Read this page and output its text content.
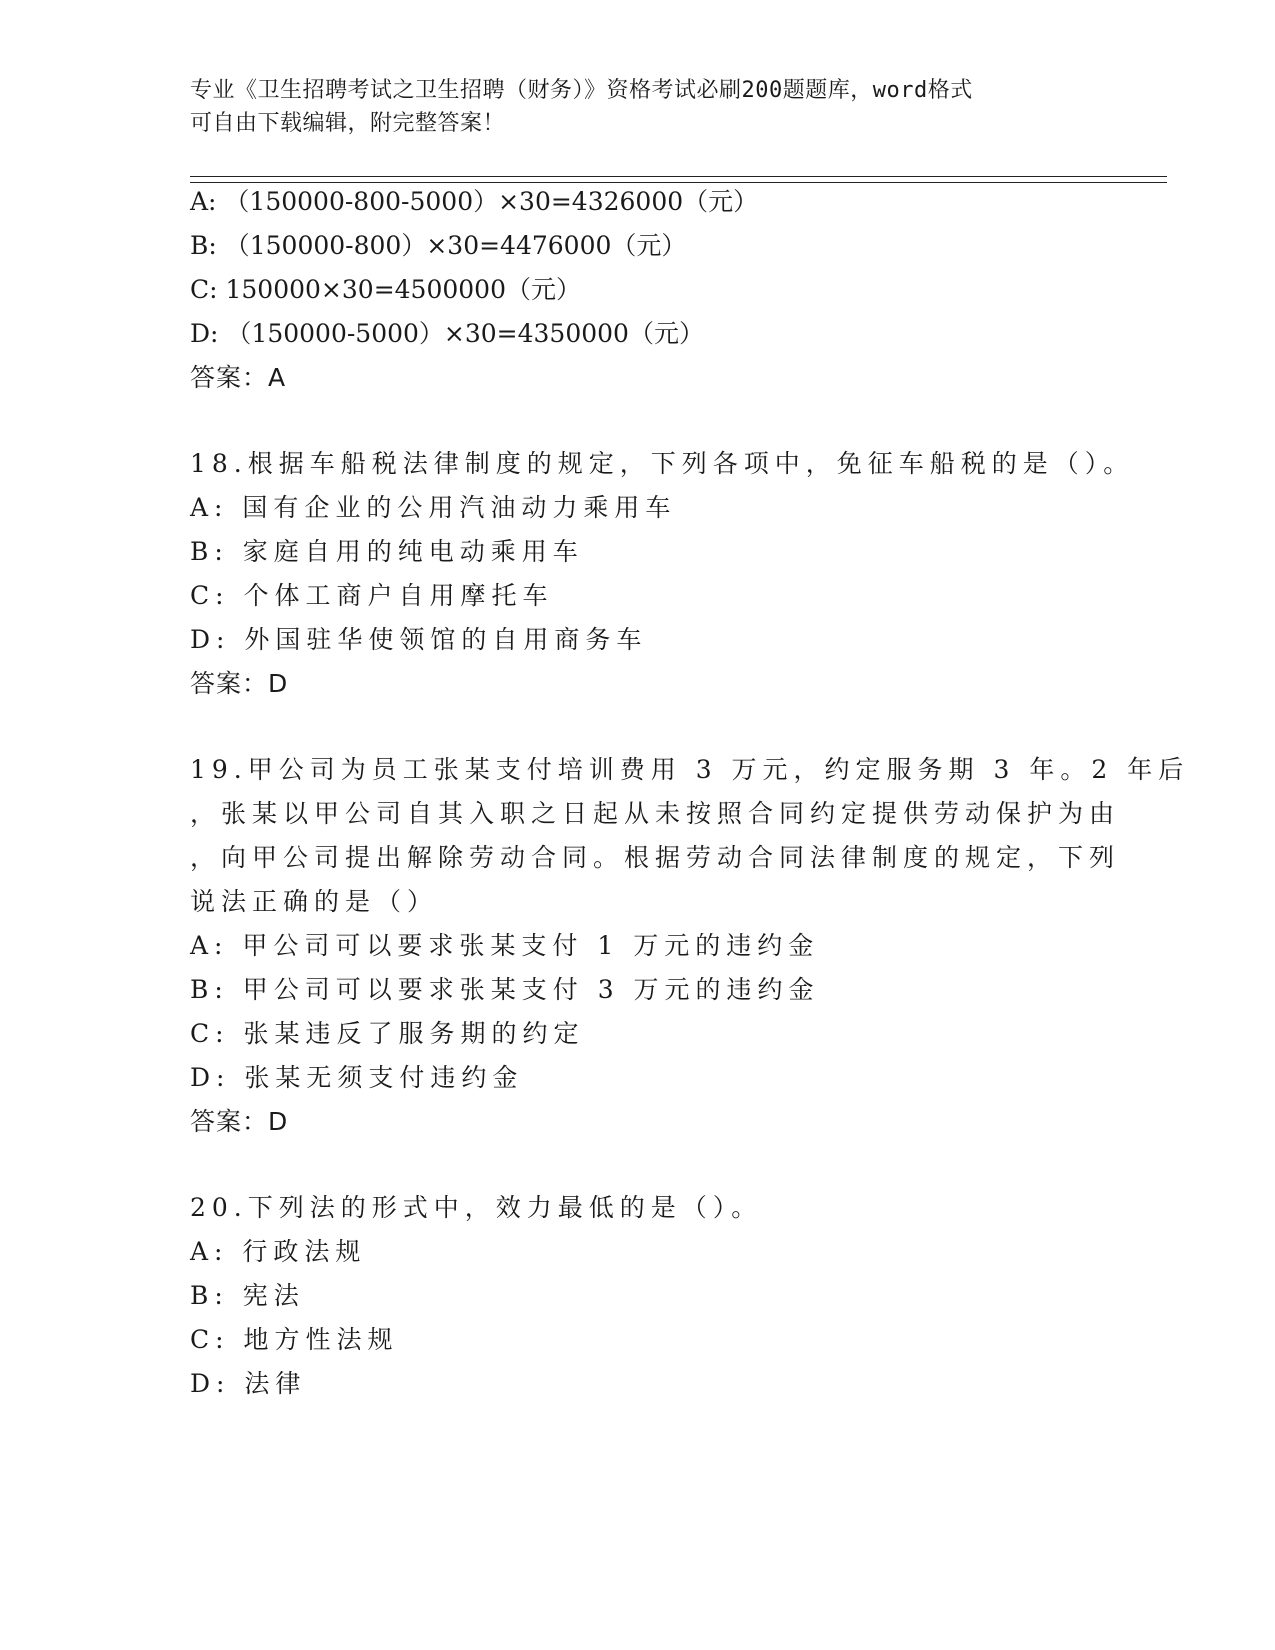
专业《卫生招聘考试之卫生招聘（财务）》资格考试必刷200题题库，word格式
可自由下载编辑，附完整答案！
A: （150000-800-5000）×30=4326000（元）
B: （150000-800）×30=4476000（元）
C: 150000×30=4500000（元）
D: （150000-5000）×30=4350000（元）
答案：A
18.根据车船税法律制度的规定，下列各项中，免征车船税的是（）。
A: 国有企业的公用汽油动力乘用车
B: 家庭自用的纯电动乘用车
C: 个体工商户自用摩托车
D: 外国驻华使领馆的自用商务车
答案：D
19.甲公司为员工张某支付培训费用 3 万元，约定服务期 3 年。2 年后
，张某以甲公司自其入职之日起从未按照合同约定提供劳动保护为由
，向甲公司提出解除劳动合同。根据劳动合同法律制度的规定，下列
说法正确的是（）
A: 甲公司可以要求张某支付 1 万元的违约金
B: 甲公司可以要求张某支付 3 万元的违约金
C: 张某违反了服务期的约定
D: 张某无须支付违约金
答案：D
20.下列法的形式中，效力最低的是（）。
A: 行政法规
B: 宪法
C: 地方性法规
D: 法律
